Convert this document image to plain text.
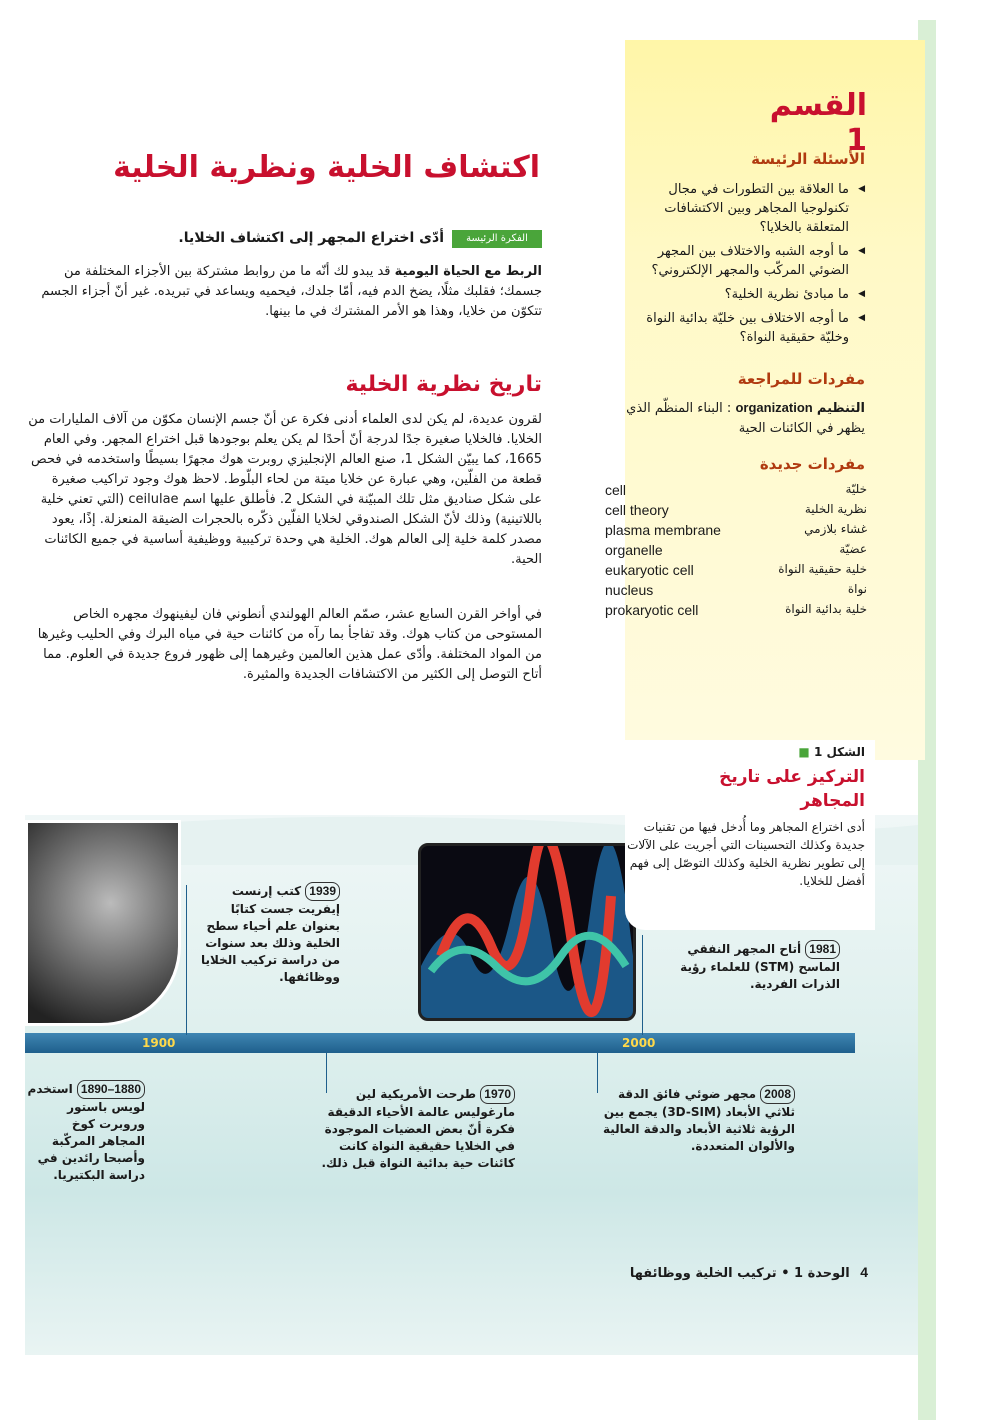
القسم 1
الأسئلة الرئيسة
◀ ما العلاقة بين التطورات في مجال تكنولوجيا المجاهر وبين الاكتشافات المتعلقة بالخلايا؟
◀ ما أوجه الشبه والاختلاف بين المجهر الضوئي المركّب والمجهر الإلكتروني؟
◀ ما مبادئ نظرية الخلية؟
◀ ما أوجه الاختلاف بين خليّة بدائية النواة وخليّة حقيقية النواة؟
مفردات للمراجعة
التنظيم organization : البناء المنظّم الذي يظهر في الكائنات الحية
مفردات جديدة
cell	خليّة
cell theory	نظرية الخلية
plasma membrane	غشاء بلازمي
organelle	عضيّة
eukaryotic cell	خلية حقيقية النواة
nucleus	نواة
prokaryotic cell	خلية بدائية النواة
اكتشاف الخلية ونظرية الخلية
الفكرة الرئيسة
أدّى اختراع المجهر إلى اكتشاف الخلايا.
الربط مع الحياة اليومية قد يبدو لك أنّه ما من روابط مشتركة بين الأجزاء المختلفة من جسمك؛ فقلبك مثلًا، يضخ الدم فيه، أمّا جلدك، فيحميه ويساعد في تبريده. غير أنّ أجزاء الجسم تتكوّن من خلايا، وهذا هو الأمر المشترك في ما بينها.
تاريخ نظرية الخلية
لقرون عديدة، لم يكن لدى العلماء أدنى فكرة عن أنّ جسم الإنسان مكوّن من آلاف المليارات من الخلايا. فالخلايا صغيرة جدًا لدرجة أنّ أحدًا لم يكن يعلم بوجودها قبل اختراع المجهر. وفي العام 1665، كما يبيّن الشكل 1، صنع العالم الإنجليزي روبرت هوك مجهرًا بسيطًا واستخدمه في فحص قطعة من الفلّين، وهي عبارة عن خلايا ميتة من لحاء البلّوط. لاحظ هوك وجود تراكيب صغيرة على شكل صناديق مثل تلك المبيّنة في الشكل 2. فأطلق عليها اسم ceilulae (التي تعني خلية باللاتينية) وذلك لأنّ الشكل الصندوقي لخلايا الفلّين ذكّره بالحجرات الضيقة المنعزلة. إذًا، يعود مصدر كلمة خلية إلى العالم هوك. الخلية هي وحدة تركيبية ووظيفية أساسية في جميع الكائنات الحية.
في أواخر القرن السابع عشر، صمّم العالم الهولندي أنطوني فان ليفينهوك مجهره الخاص المستوحى من كتاب هوك. وقد تفاجأ بما رآه من كائنات حية في مياه البرك وفي الحليب وغيرها من المواد المختلفة. وأدّى عمل هذين العالمين وغيرهما إلى ظهور فروع جديدة في العلوم. مما أتاح التوصل إلى الكثير من الاكتشافات الجديدة والمثيرة.
الشكل 1 ■
التركيز على تاريخ المجاهر
أدى اختراع المجاهر وما أُدخل فيها من تقنيات جديدة وكذلك التحسينات التي أجريت على الآلات إلى تطوير نظرية الخلية وكذلك التوصّل إلى فهم أفضل للخلايا.
1900	2000
1939 كتب إرنست إيفريت جست كتابًا بعنوان علم أحياء سطح الخلية وذلك بعد سنوات من دراسة تركيب الخلايا ووظائفها.
1981 أتاح المجهر النفقي الماسح (STM) للعلماء رؤية الذرات الفردية.
1880–1890 استخدم لويس باستور وروبرت كوخ المجاهر المركّبة وأصبحا رائدين في دراسة البكتيريا.
1970 طرحت الأمريكية لين مارغوليس عالمة الأحياء الدقيقة فكرة أنّ بعض العضيات الموجودة في الخلايا حقيقية النواة كانت كائنات حية بدائية النواة قبل ذلك.
2008 مجهر ضوئي فائق الدقة ثلاثي الأبعاد (3D-SIM) يجمع بين الرؤية ثلاثية الأبعاد والدقة العالية والألوان المتعددة.
4 الوحدة 1 • تركيب الخلية ووظائفها
